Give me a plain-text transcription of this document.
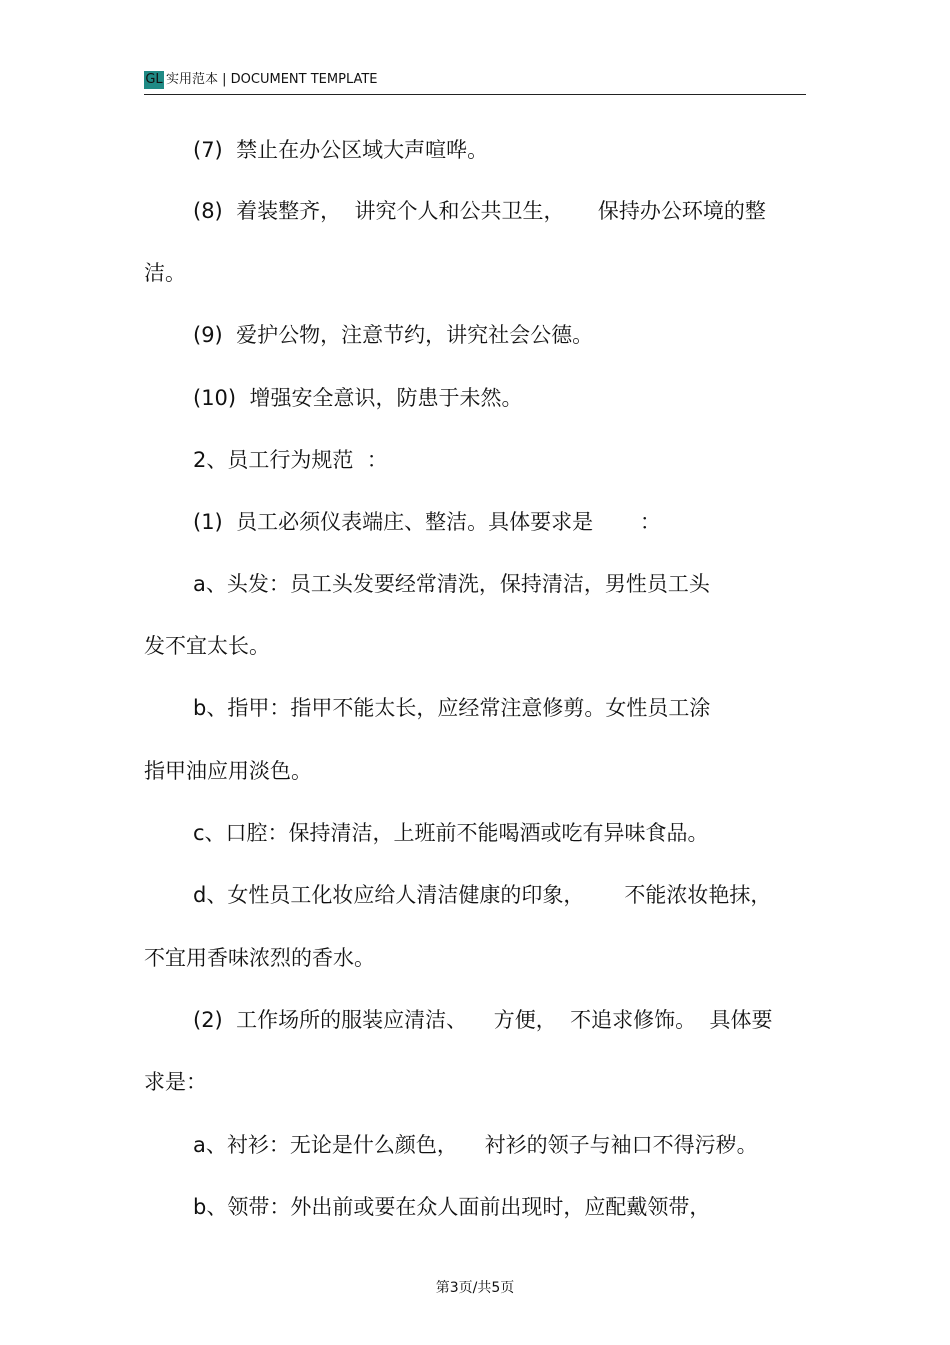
GL 实用范本 | DOCUMENT TEMPLATE
(7)  禁止在办公区域大声喧哗。
(8)  着装整齐，  讲究个人和公共卫生，     保持办公环境的整
洁。
(9)  爱护公物，注意节约，讲究社会公德。
(10)  增强安全意识，防患于未然。
2、员工行为规范  ：
(1)  员工必须仪表端庄、整洁。具体要求是       ：
a、头发：员工头发要经常清洗，保持清洁，男性员工头
发不宜太长。
b、指甲：指甲不能太长，应经常注意修剪。女性员工涂
指甲油应用淡色。
c、口腔：保持清洁，上班前不能喝酒或吃有异味食品。
d、女性员工化妆应给人清洁健康的印象，      不能浓妆艳抹，
不宜用香味浓烈的香水。
(2)  工作场所的服装应清洁、    方便，  不追求修饰。  具体要
求是：
a、衬衫：无论是什么颜色，    衬衫的领子与袖口不得污秽。
b、领带：外出前或要在众人面前出现时，应配戴领带，
第3页/共5页
